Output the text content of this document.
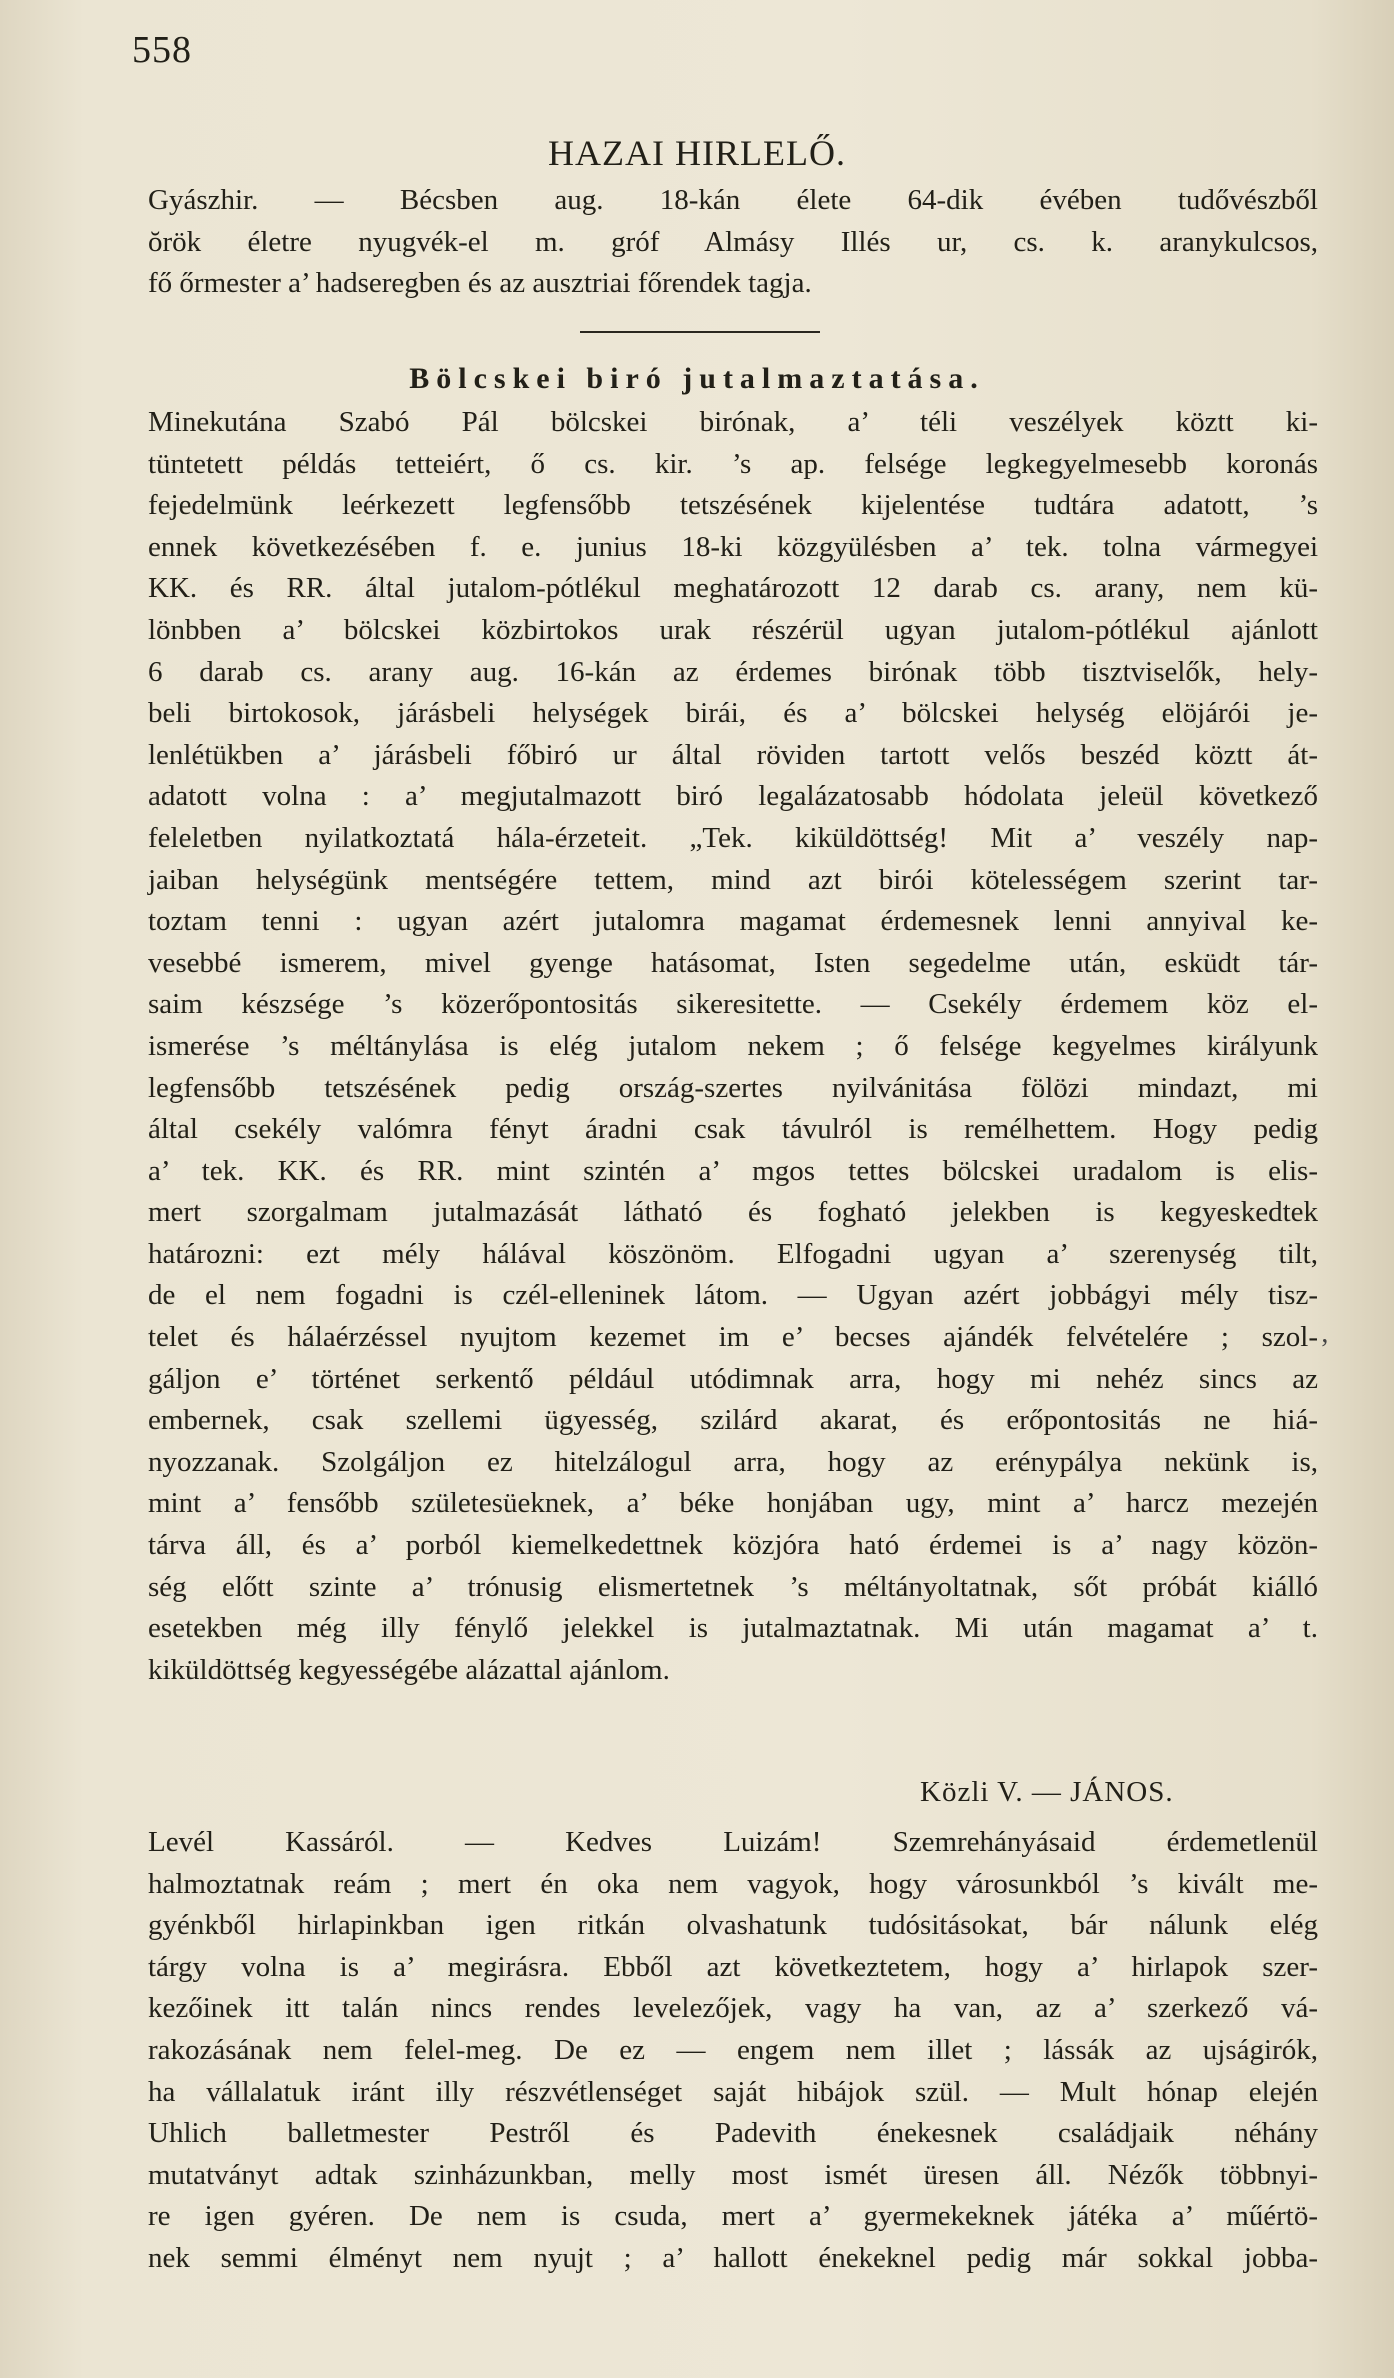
558
HAZAI HIRLELŐ.
Gyászhir. — Bécsben aug. 18-kán élete 64-dik évében tudővészből
ŏrök életre nyugvék-el m. gróf Almásy Illés ur, cs. k. aranykulcsos,
fő őrmester a’ hadseregben és az ausztriai főrendek tagja.
Bölcskei biró jutalmaztatása.
Minekutána Szabó Pál bölcskei birónak, a’ téli veszélyek köztt ki-
tüntetett példás tetteiért, ő cs. kir. ’s ap. felsége legkegyelmesebb koronás
fejedelmünk leérkezett legfensőbb tetszésének kijelentése tudtára adatott, ’s
ennek következésében f. e. junius 18-ki közgyülésben a’ tek. tolna vármegyei
KK. és RR. által jutalom-pótlékul meghatározott 12 darab cs. arany, nem kü-
lönbben a’ bölcskei közbirtokos urak részérül ugyan jutalom-pótlékul ajánlott
6 darab cs. arany aug. 16-kán az érdemes birónak több tisztviselők, hely-
beli birtokosok, járásbeli helységek birái, és a’ bölcskei helység elöjárói je-
lenlétükben a’ járásbeli főbiró ur által röviden tartott velős beszéd köztt át-
adatott volna : a’ megjutalmazott biró legalázatosabb hódolata jeleül következő
feleletben nyilatkoztatá hála-érzeteit. „Tek. kiküldöttség! Mit a’ veszély nap-
jaiban helységünk mentségére tettem, mind azt birói kötelességem szerint tar-
toztam tenni : ugyan azért jutalomra magamat érdemesnek lenni annyival ke-
vesebbé ismerem, mivel gyenge hatásomat, Isten segedelme után, esküdt tár-
saim készsége ’s közerőpontositás sikeresitette. — Csekély érdemem köz el-
ismerése ’s méltánylása is elég jutalom nekem ; ő felsége kegyelmes királyunk
legfensőbb tetszésének pedig ország-szertes nyilvánitása fölözi mindazt, mi
által csekély valómra fényt áradni csak távulról is remélhettem. Hogy pedig
a’ tek. KK. és RR. mint szintén a’ mgos tettes bölcskei uradalom is elis-
mert szorgalmam jutalmazását látható és fogható jelekben is kegyeskedtek
határozni: ezt mély hálával köszönöm. Elfogadni ugyan a’ szerenység tilt,
de el nem fogadni is czél-elleninek látom. — Ugyan azért jobbágyi mély tisz-
telet és hálaérzéssel nyujtom kezemet im e’ becses ajándék felvételére ; szol-
gáljon e’ történet serkentő például utódimnak arra, hogy mi nehéz sincs az
embernek, csak szellemi ügyesség, szilárd akarat, és erőpontositás ne hiá-
nyozzanak. Szolgáljon ez hitelzálogul arra, hogy az erénypálya nekünk is,
mint a’ fensőbb születesüeknek, a’ béke honjában ugy, mint a’ harcz mezején
tárva áll, és a’ porból kiemelkedettnek közjóra ható érdemei is a’ nagy közön-
ség előtt szinte a’ trónusig elismertetnek ’s méltányoltatnak, sőt próbát kiálló
esetekben még illy fénylő jelekkel is jutalmaztatnak. Mi után magamat a’ t.
kiküldöttség kegyességébe alázattal ajánlom.
Közli V. — JÁNOS.
‚
Levél Kassáról. — Kedves Luizám! Szemrehányásaid érdemetlenül
halmoztatnak reám ; mert én oka nem vagyok, hogy városunkból ’s kivált me-
gyénkből hirlapinkban igen ritkán olvashatunk tudósitásokat, bár nálunk elég
tárgy volna is a’ megirásra. Ebből azt következtetem, hogy a’ hirlapok szer-
kezőinek itt talán nincs rendes levelezőjek, vagy ha van, az a’ szerkező vá-
rakozásának nem felel-meg. De ez — engem nem illet ; lássák az ujságirók,
ha vállalatuk iránt illy részvétlenséget saját hibájok szül. — Mult hónap elején
Uhlich balletmester Pestről és Padevith énekesnek családjaik néhány
mutatványt adtak szinházunkban, melly most ismét üresen áll. Nézők többnyi-
re igen gyéren. De nem is csuda, mert a’ gyermekeknek játéka a’ műértö-
nek semmi élményt nem nyujt ; a’ hallott énekeknel pedig már sokkal jobba-
